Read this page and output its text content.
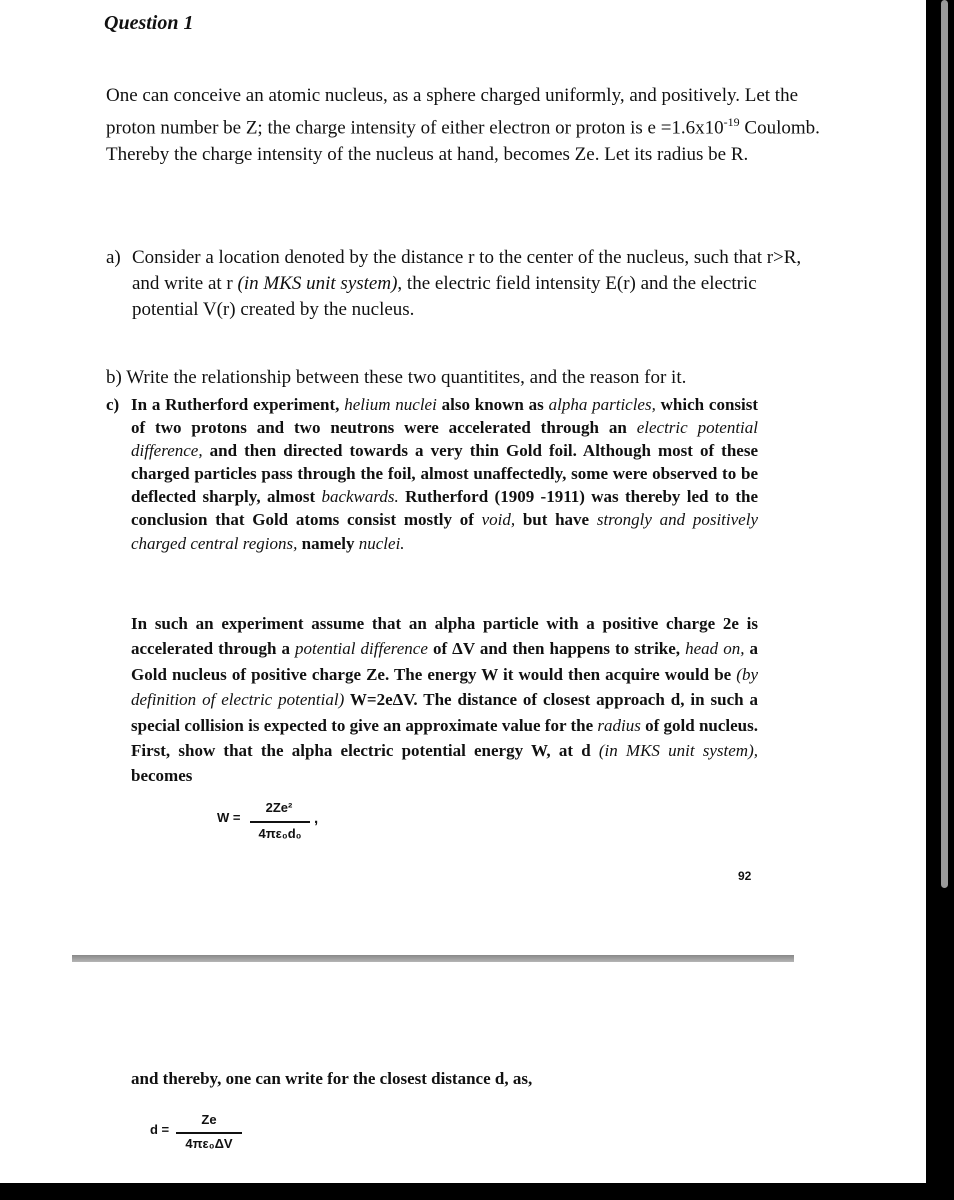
Question 1
One can conceive an atomic nucleus, as a sphere charged uniformly, and positively. Let the proton number be Z; the charge intensity of either electron or proton is $e =1.6x10^{-19}$ Coulomb. Thereby the charge intensity of the nucleus at hand, becomes Ze. Let its radius be R.
a) Consider a location denoted by the distance r to the center of the nucleus, such that r>R, and write at r (in MKS unit system), the electric field intensity E(r) and the electric potential V(r) created by the nucleus.
b) Write the relationship between these two quantitites, and the reason for it.
c) In a Rutherford experiment, helium nuclei also known as alpha particles, which consist of two protons and two neutrons were accelerated through an electric potential difference, and then directed towards a very thin Gold foil. Although most of these charged particles pass through the foil, almost unaffectedly, some were observed to be deflected sharply, almost backwards. Rutherford (1909 -1911) was thereby led to the conclusion that Gold atoms consist mostly of void, but have strongly and positively charged central regions, namely nuclei.
In such an experiment assume that an alpha particle with a positive charge 2e is accelerated through a potential difference of ΔV and then happens to strike, head on, a Gold nucleus of positive charge Ze. The energy W it would then acquire would be (by definition of electric potential) W=2eΔV. The distance of closest approach d, in such a special collision is expected to give an approximate value for the radius of gold nucleus. First, show that the alpha electric potential energy W, at d (in MKS unit system), becomes
W =
2Ze²
4πε₀d₀
,
92
and thereby, one can write for the closest distance d, as,
d =
Ze
4πε₀ΔV
